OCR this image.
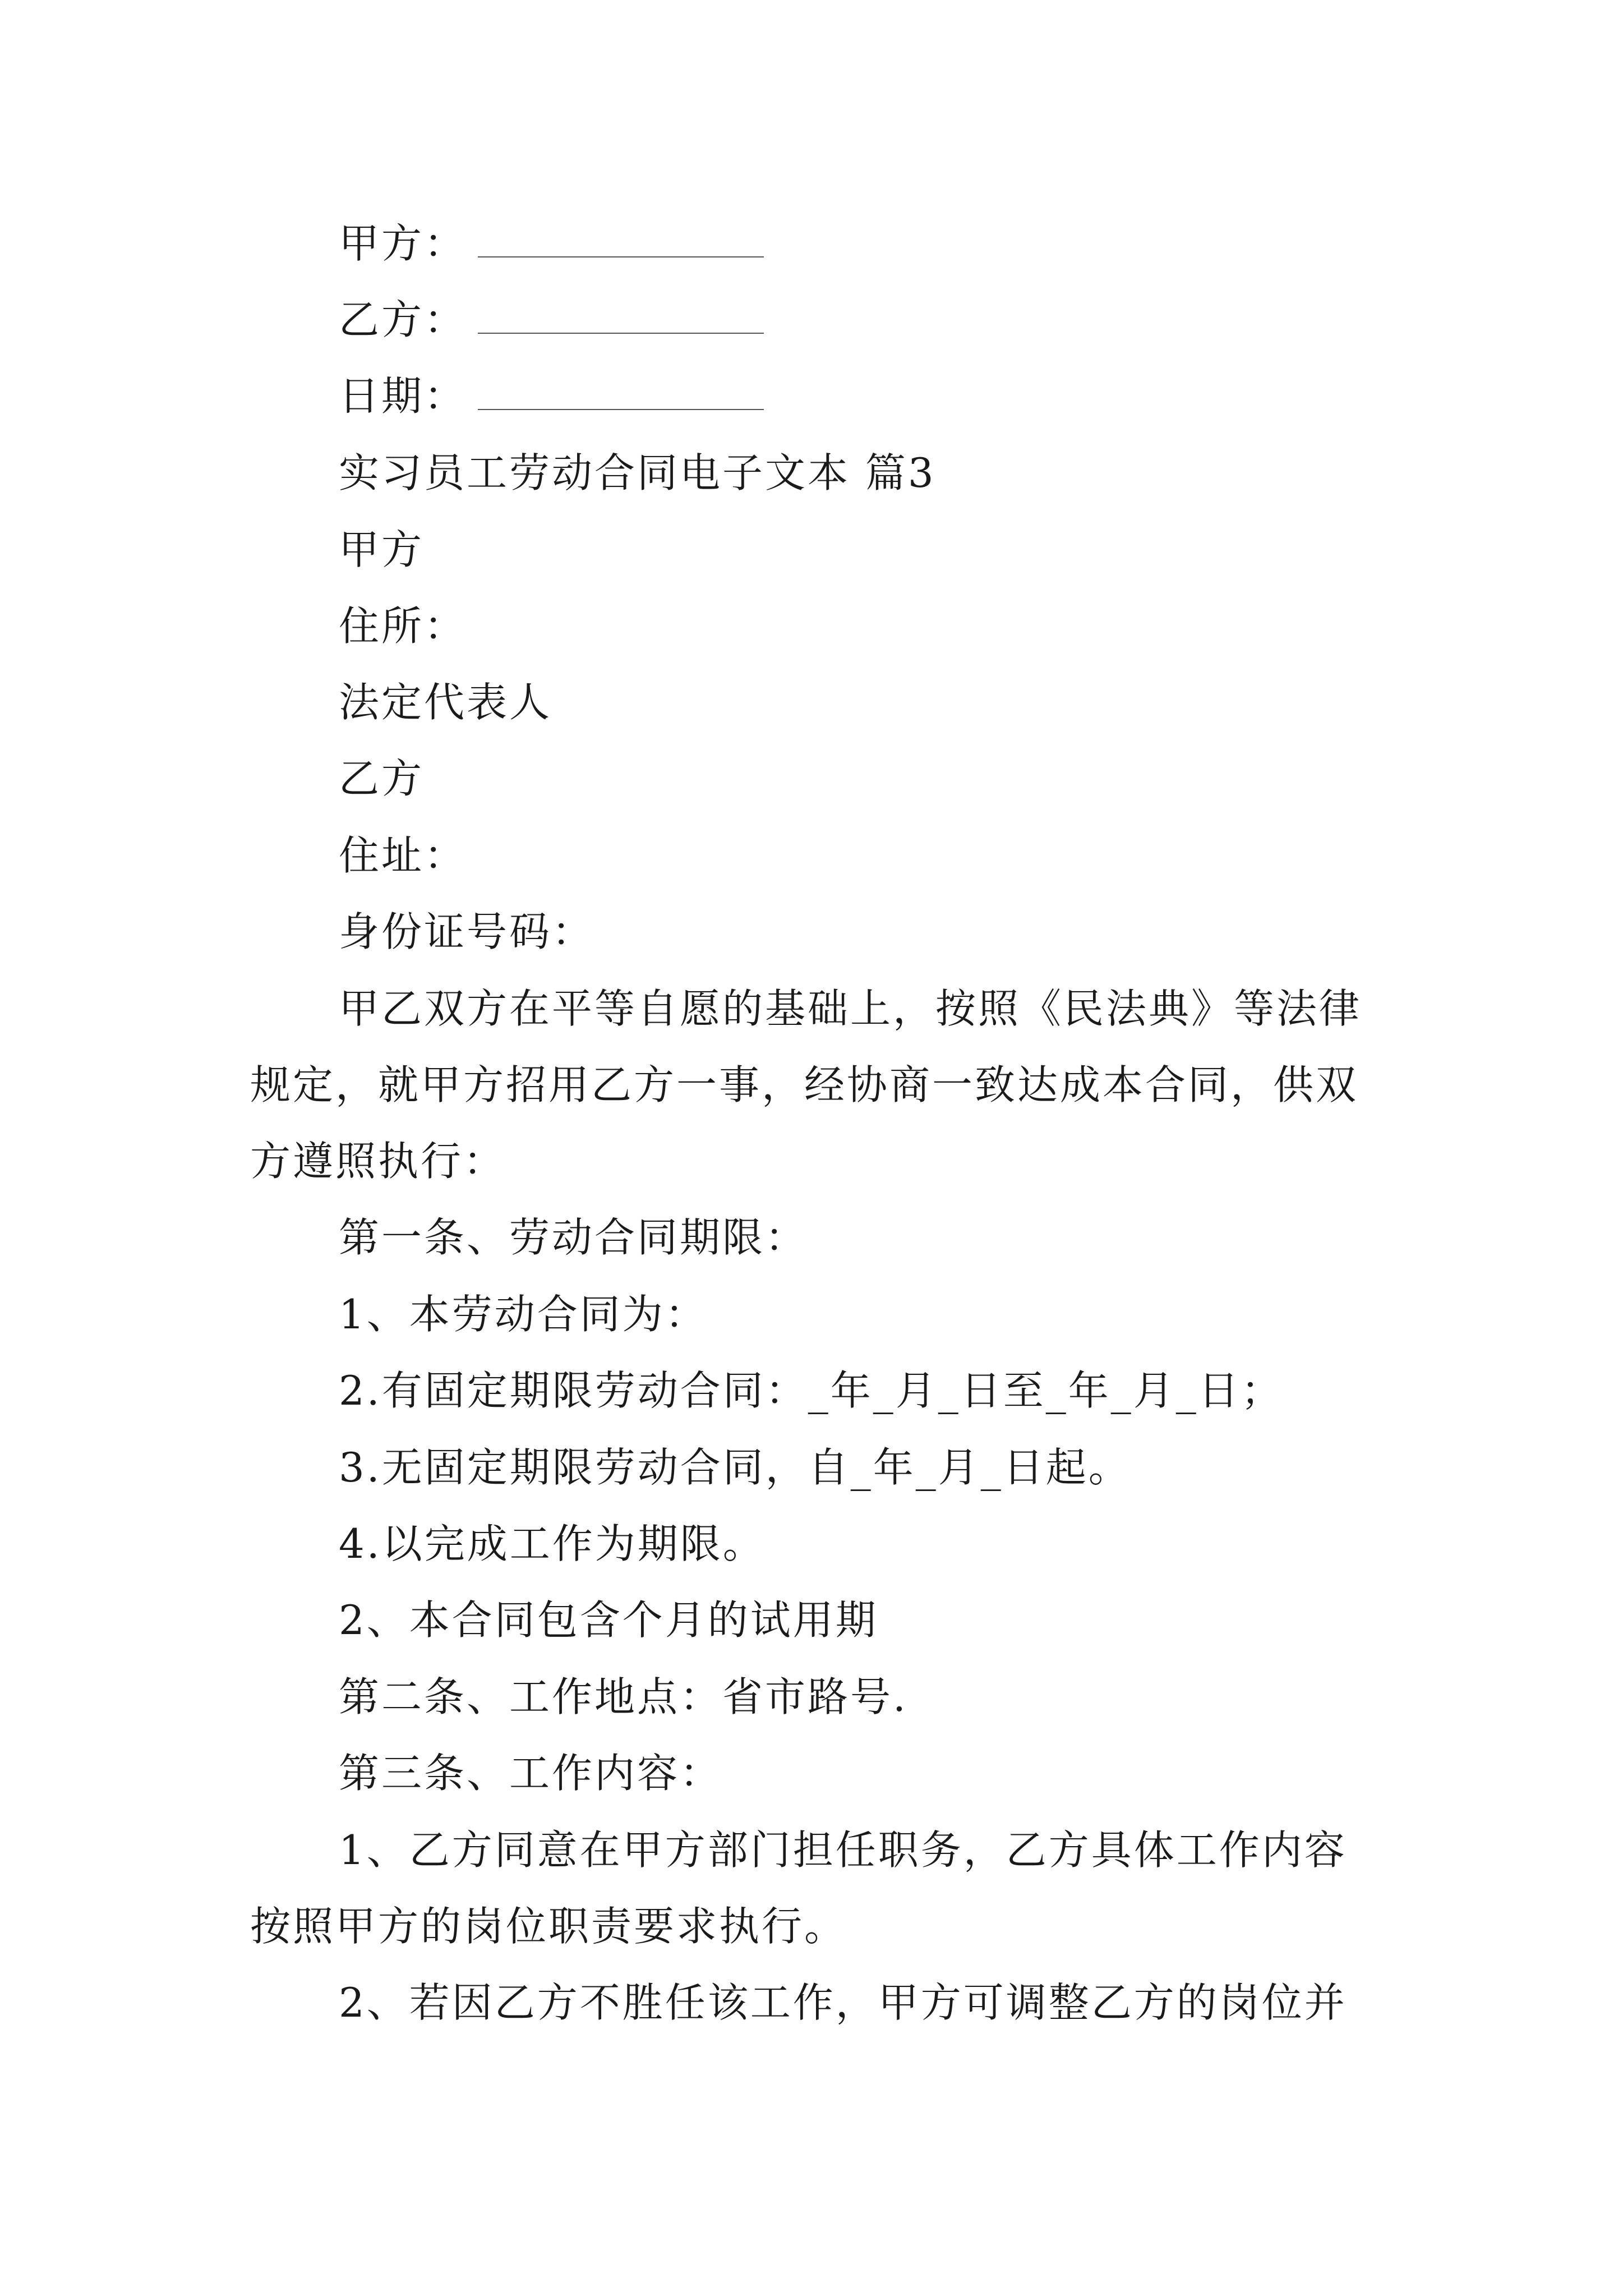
甲方：
乙方：
日期：
实习员工劳动合同电子文本 篇3
甲方
住所：
法定代表人
乙方
住址：
身份证号码：
甲乙双方在平等自愿的基础上，按照《民法典》等法律
规定，就甲方招用乙方一事，经协商一致达成本合同，供双
方遵照执行：
第一条、劳动合同期限：
1、本劳动合同为：
2.有固定期限劳动合同：_年_月_日至_年_月_日；
3.无固定期限劳动合同，自_年_月_日起。
4.以完成工作为期限。
2、本合同包含个月的试用期
第二条、工作地点：省市路号.
第三条、工作内容：
1、乙方同意在甲方部门担任职务，乙方具体工作内容
按照甲方的岗位职责要求执行。
2、若因乙方不胜任该工作，甲方可调整乙方的岗位并
